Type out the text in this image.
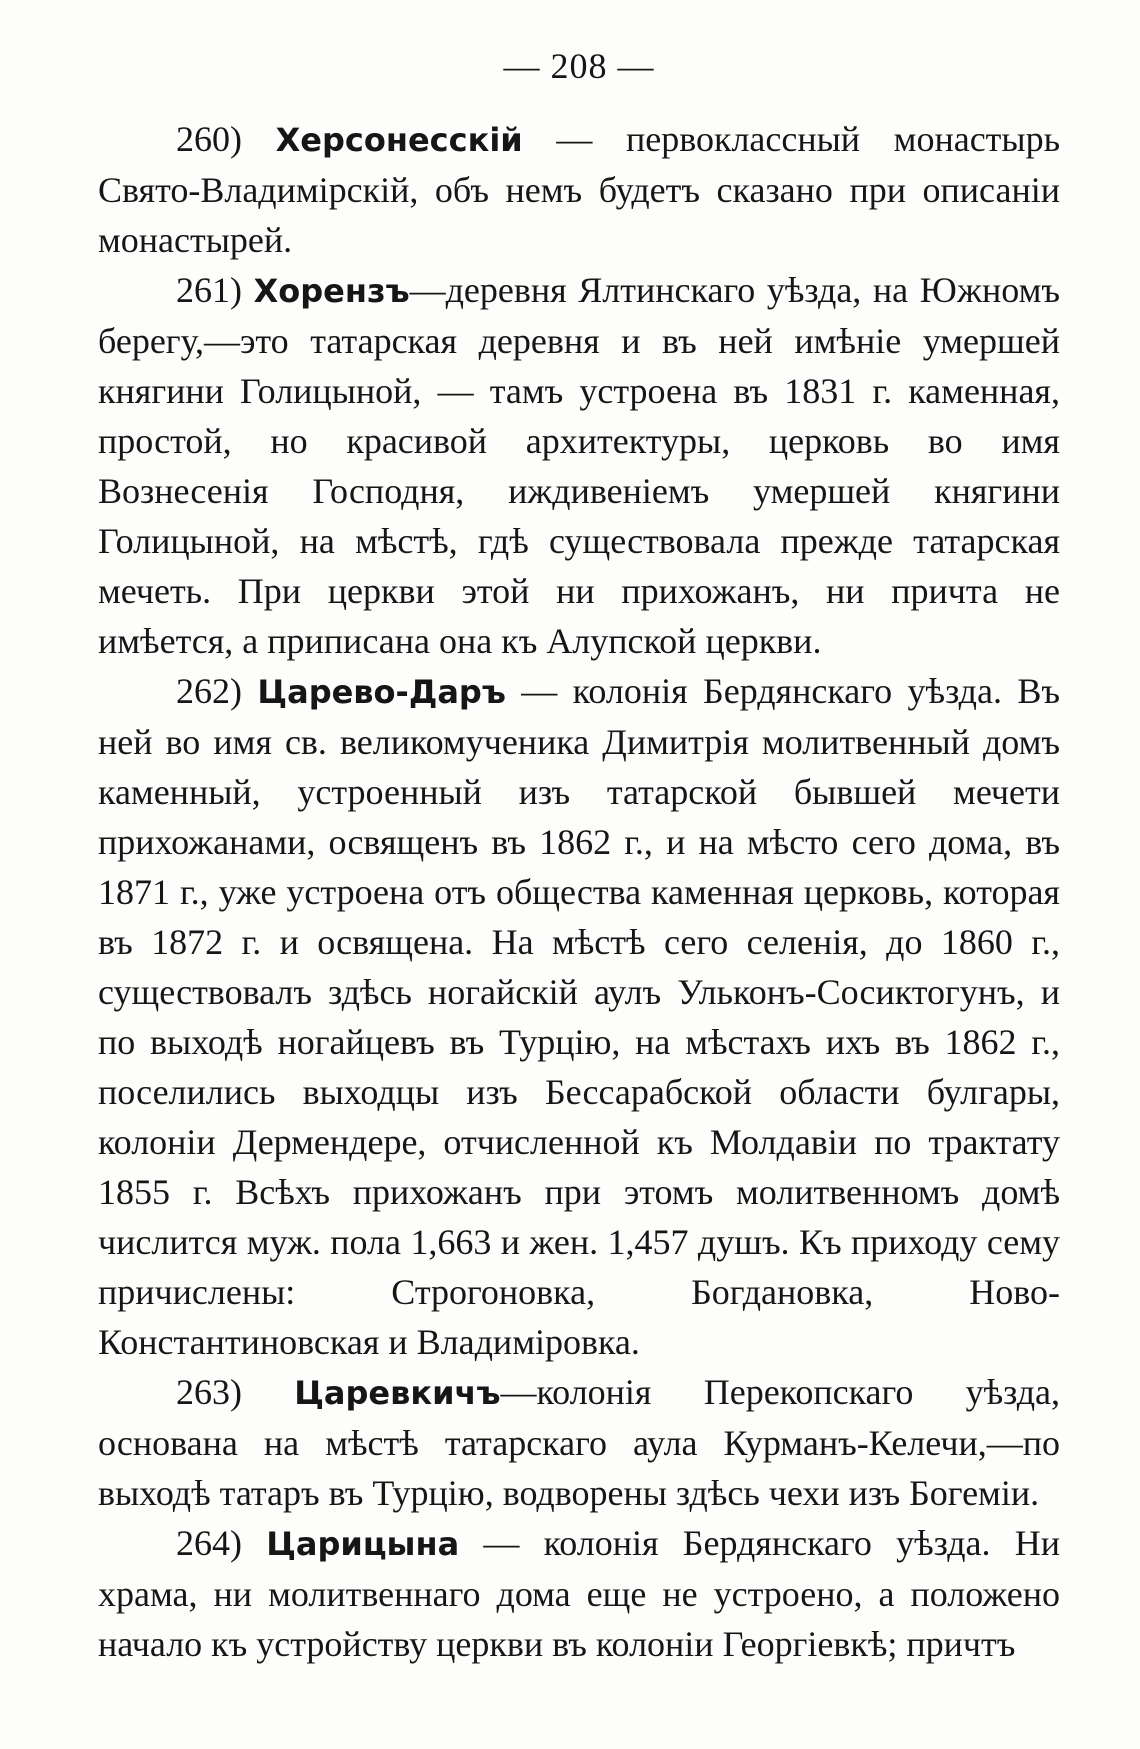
— 208 —

260) Херсонесскій — первоклассный монастырь Свято-Владимірскій, объ немъ будетъ сказано при описаніи монастырей.

261) Хорензъ—деревня Ялтинскаго уѣзда, на Южномъ берегу,—это татарская деревня и въ ней имѣніе умершей княгини Голицыной, — тамъ устроена въ 1831 г. каменная, простой, но красивой архитектуры, церковь во имя Вознесенія Господня, иждивеніемъ умершей княгини Голицыной, на мѣстѣ, гдѣ существовала прежде татарская мечеть. При церкви этой ни прихожанъ, ни причта не имѣется, а приписана она къ Алупской церкви.

262) Царево-Даръ — колонія Бердянскаго уѣзда. Въ ней во имя св. великомученика Димитрія молитвенный домъ каменный, устроенный изъ татарской бывшей мечети прихожанами, освященъ въ 1862 г., и на мѣсто сего дома, въ 1871 г., уже устроена отъ общества каменная церковь, которая въ 1872 г. и освящена. На мѣстѣ сего селенія, до 1860 г., существовалъ здѣсь ногайскій аулъ Ульконъ-Сосиктогунъ, и по выходѣ ногайцевъ въ Турцію, на мѣстахъ ихъ въ 1862 г., поселились выходцы изъ Бессарабской области булгары, колоніи Дермендере, отчисленной къ Молдавіи по трактату 1855 г. Всѣхъ прихожанъ при этомъ молитвенномъ домѣ числится муж. пола 1,663 и жен. 1,457 душъ. Къ приходу сему причислены: Строгоновка, Богдановка, Ново-Константиновская и Владиміровка.

263) Царевкичъ—колонія Перекопскаго уѣзда, основана на мѣстѣ татарскаго аула Курманъ-Келечи,—по выходѣ татаръ въ Турцію, водворены здѣсь чехи изъ Богеміи.

264) Царицына — колонія Бердянскаго уѣзда. Ни храма, ни молитвеннаго дома еще не устроено, а положено начало къ устройству церкви въ колоніи Георгіевкѣ; причтъ
